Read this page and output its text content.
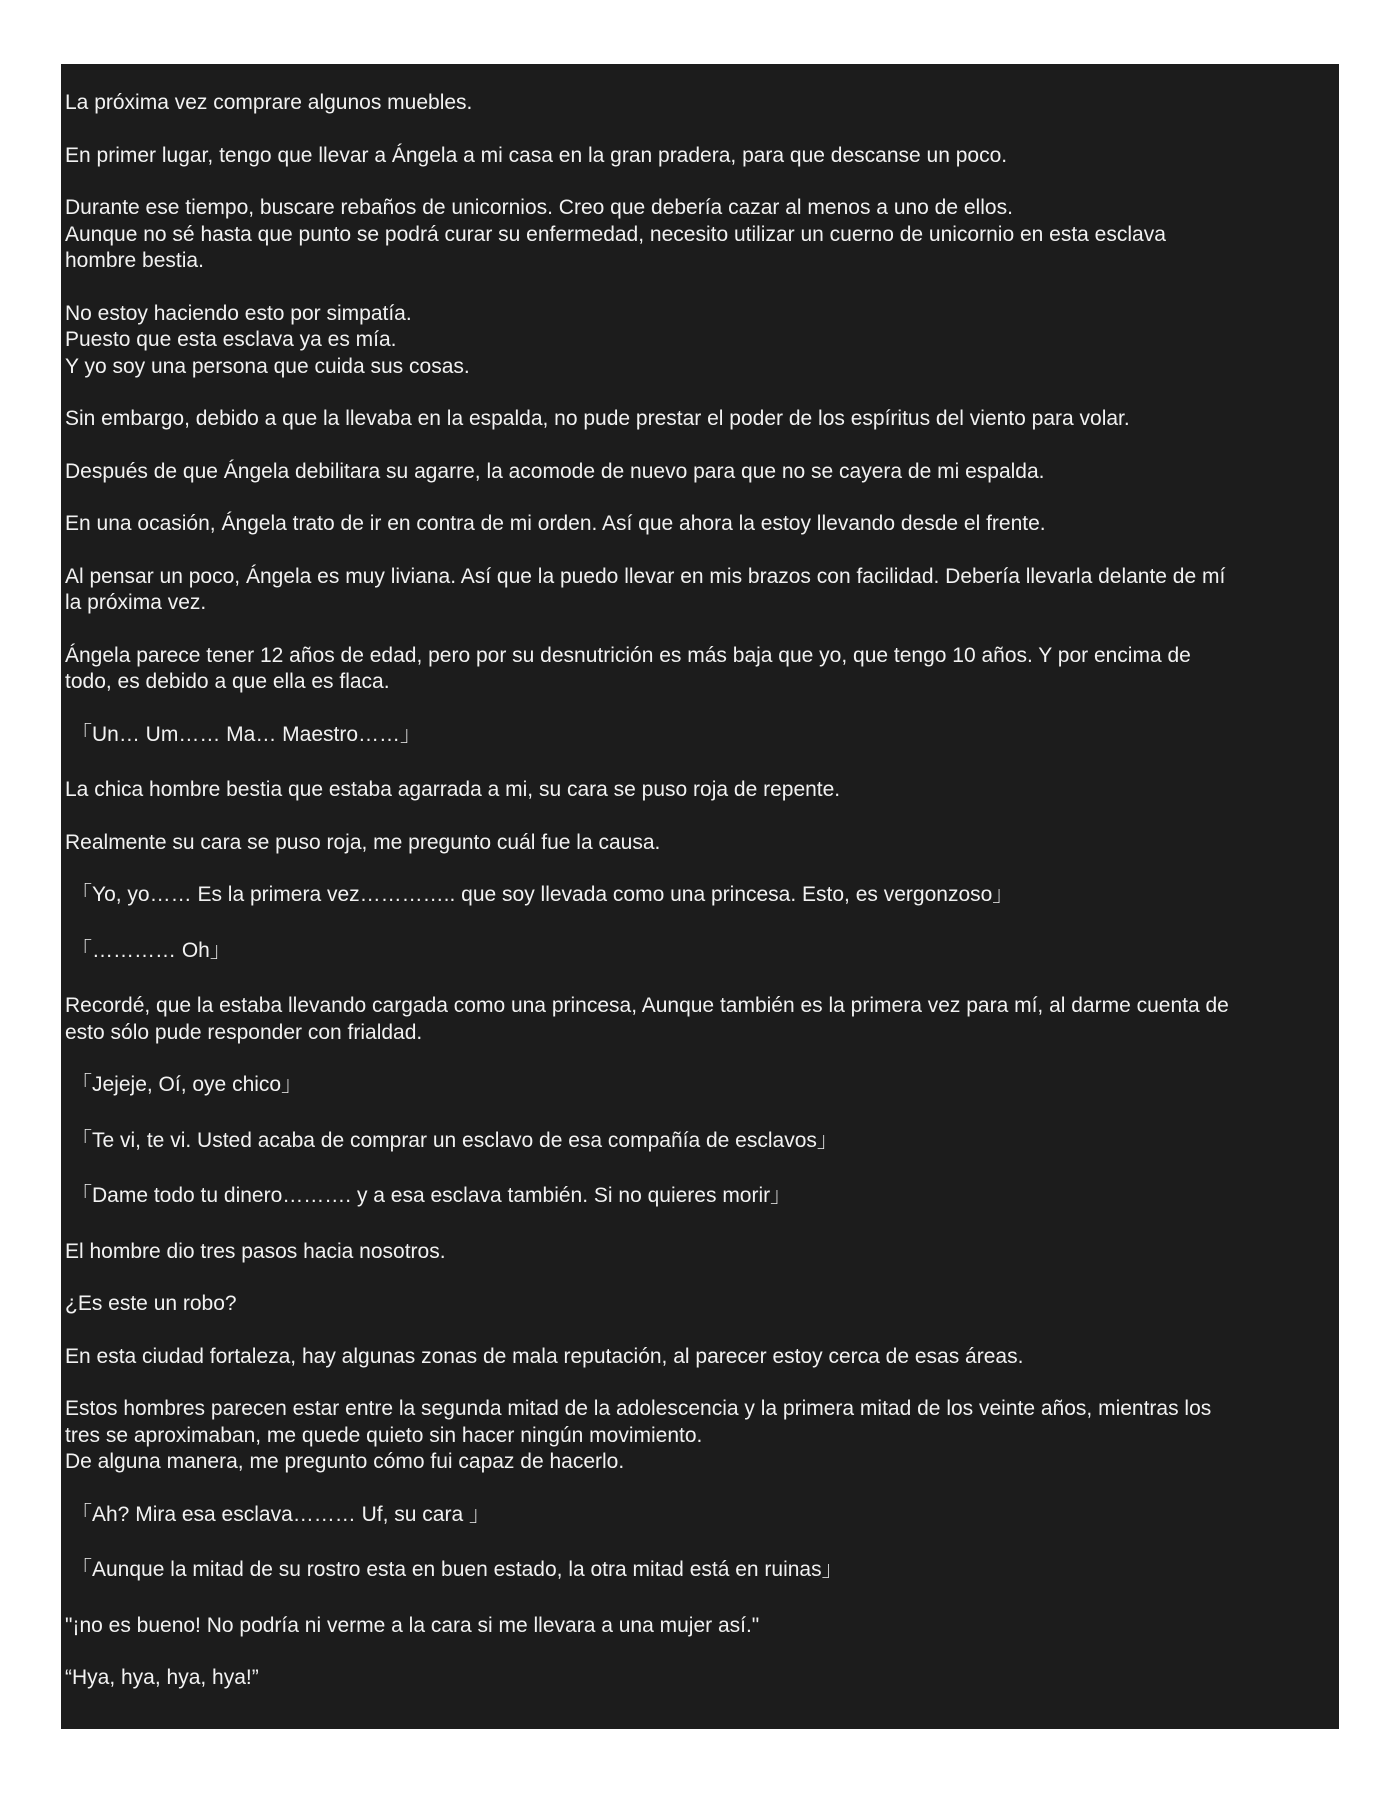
La próxima vez comprare algunos muebles.

En primer lugar, tengo que llevar a Ángela a mi casa en la gran pradera, para que descanse un poco.

Durante ese tiempo, buscare rebaños de unicornios. Creo que debería cazar al menos a uno de ellos.
Aunque no sé hasta que punto se podrá curar su enfermedad, necesito utilizar un cuerno de unicornio en esta esclava
hombre bestia.

No estoy haciendo esto por simpatía.
Puesto que esta esclava ya es mía.
Y yo soy una persona que cuida sus cosas.

Sin embargo, debido a que la llevaba en la espalda, no pude prestar el poder de los espíritus del viento para volar.

Después de que Ángela debilitara su agarre, la acomode de nuevo para que no se cayera de mi espalda.

En una ocasión, Ángela trato de ir en contra de mi orden. Así que ahora la estoy llevando desde el frente.

Al pensar un poco, Ángela es muy liviana. Así que la puedo llevar en mis brazos con facilidad. Debería llevarla delante de mí
la próxima vez.

Ángela parece tener 12 años de edad, pero por su desnutrición es más baja que yo, que tengo 10 años. Y por encima de
todo, es debido a que ella es flaca.

「Un… Um…… Ma… Maestro……」

La chica hombre bestia que estaba agarrada a mi, su cara se puso roja de repente.

Realmente su cara se puso roja, me pregunto cuál fue la causa.

「Yo, yo…… Es la primera vez………….. que soy llevada como una princesa. Esto, es vergonzoso」

「………… Oh」

Recordé, que la estaba llevando cargada como una princesa, Aunque también es la primera vez para mí, al darme cuenta de
esto sólo pude responder con frialdad.

「Jejeje, Oí, oye chico」

「Te vi, te vi. Usted acaba de comprar un esclavo de esa compañía de esclavos」

「Dame todo tu dinero………. y a esa esclava también. Si no quieres morir」

El hombre dio tres pasos hacia nosotros.

¿Es este un robo?

En esta ciudad fortaleza, hay algunas zonas de mala reputación, al parecer estoy cerca de esas áreas.

Estos hombres parecen estar entre la segunda mitad de la adolescencia y la primera mitad de los veinte años, mientras los
tres se aproximaban, me quede quieto sin hacer ningún movimiento.
De alguna manera, me pregunto cómo fui capaz de hacerlo.

「Ah? Mira esa esclava……… Uf, su cara 」

「Aunque la mitad de su rostro esta en buen estado, la otra mitad está en ruinas」

"¡no es bueno! No podría ni verme a la cara si me llevara a una mujer así."

“Hya, hya, hya, hya!”
